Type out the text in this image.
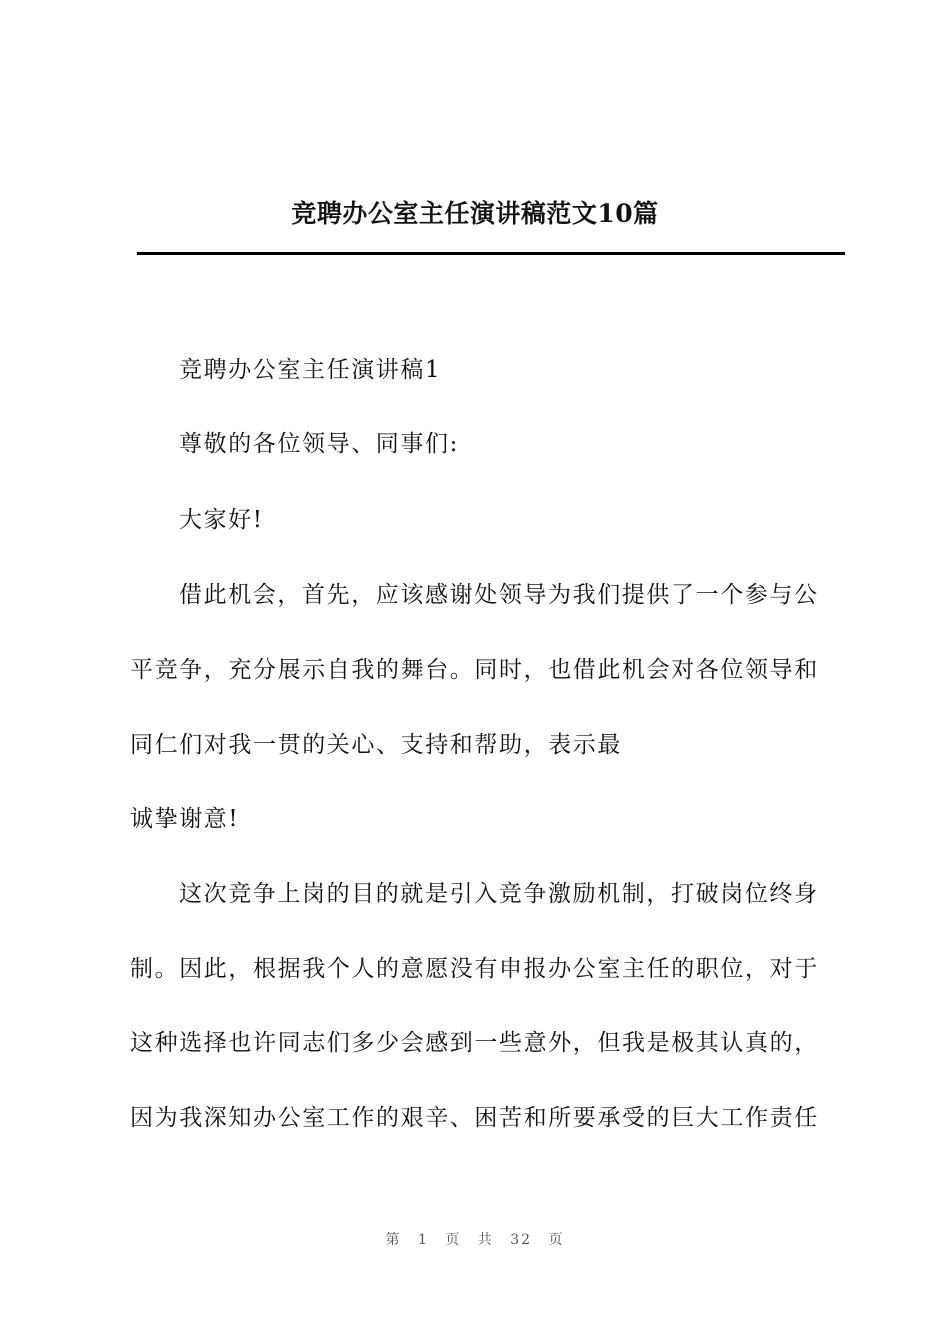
竞聘办公室主任演讲稿范文10篇
竞聘办公室主任演讲稿1
尊敬的各位领导、同事们:
大家好!
借此机会，首先，应该感谢处领导为我们提供了一个参与公
平竞争，充分展示自我的舞台。同时，也借此机会对各位领导和
同仁们对我一贯的关心、支持和帮助，表示最
诚挚谢意!
这次竞争上岗的目的就是引入竞争激励机制，打破岗位终身
制。因此，根据我个人的意愿没有申报办公室主任的职位，对于
这种选择也许同志们多少会感到一些意外，但我是极其认真的，
因为我深知办公室工作的艰辛、困苦和所要承受的巨大工作责任
第 1 页 共 32 页
